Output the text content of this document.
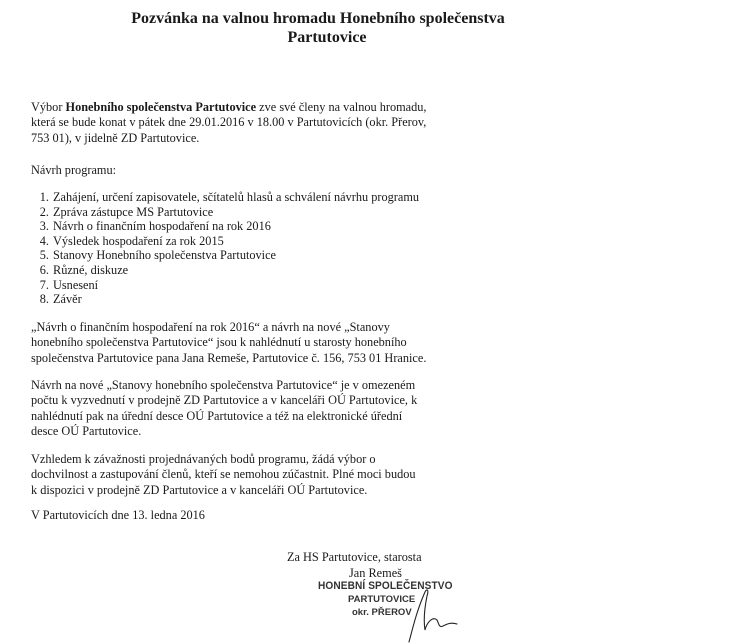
Pozvánka na valnou hromadu Honebního společenstva
Partutovice
Výbor Honebního společenstva Partutovice zve své členy na valnou hromadu,
která se bude konat v pátek dne 29.01.2016 v 18.00 v Partutovicích (okr. Přerov,
753 01), v jidelně ZD Partutovice.
Návrh programu:
1. Zahájení, určení zapisovatele, sčítatelů hlasů a schválení návrhu programu
2. Zpráva zástupce MS Partutovice
3. Návrh o finančním hospodaření na rok 2016
4. Výsledek hospodaření za rok 2015
5. Stanovy Honebního společenstva Partutovice
6. Různé, diskuze
7. Usnesení
8. Závěr
„Návrh o finančním hospodaření na rok 2016“ a návrh na nové „Stanovy
honebního společenstva Partutovice“ jsou k nahlédnutí u starosty honebního
společenstva Partutovice pana Jana Remeše, Partutovice č. 156, 753 01 Hranice.
Návrh na nové „Stanovy honebního společenstva Partutovice“ je v omezeném
počtu k vyzvednutí v prodejně ZD Partutovice a v kanceláři OÚ Partutovice, k
nahlédnutí pak na úřední desce OÚ Partutovice a též na elektronické úřední
desce OÚ Partutovice.
Vzhledem k závažnosti projednávaných bodů programu, žádá výbor o
dochvilnost a zastupování členů, kteří se nemohou zúčastnit. Plné moci budou
k dispozici v prodejně ZD Partutovice a v kanceláři OÚ Partutovice.
V Partutovicích dne 13. ledna 2016
Za HS Partutovice, starosta
Jan Remeš
HONEBNÍ SPOLEČENSTVO
PARTUTOVICE
okr. PŘEROV
